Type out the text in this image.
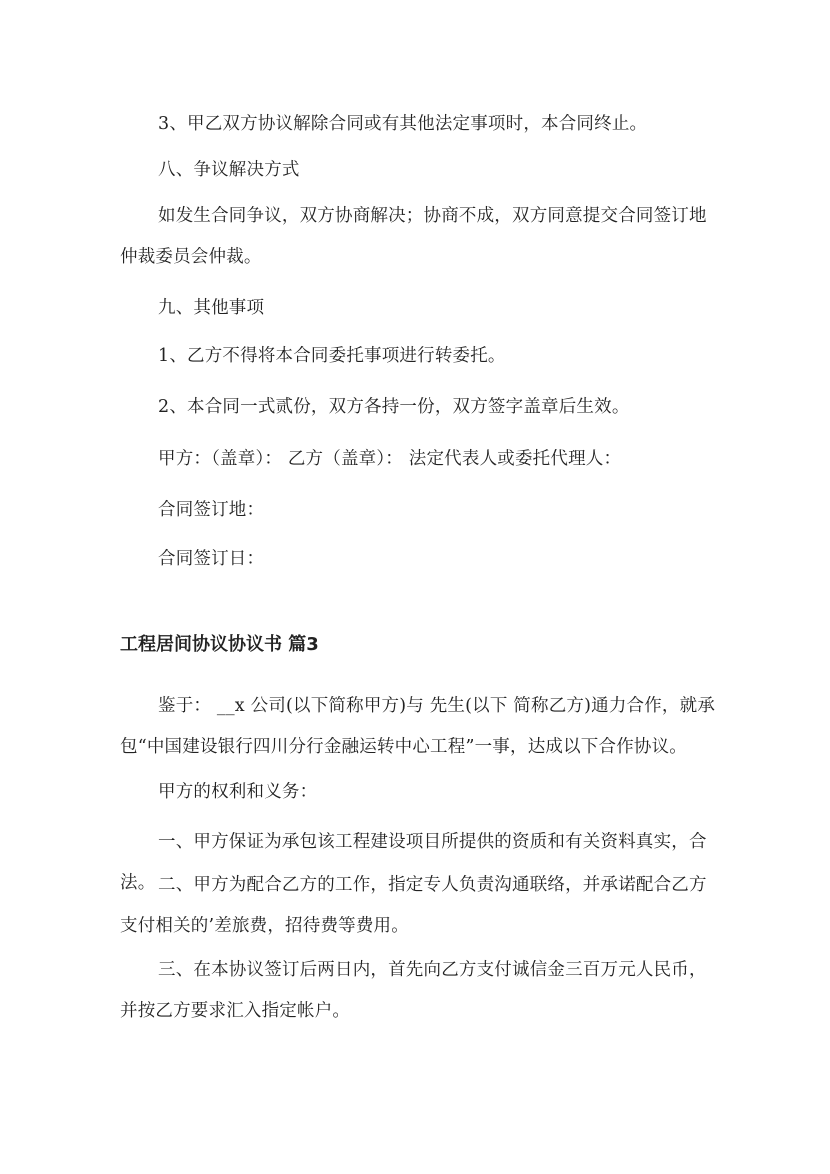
3、甲乙双方协议解除合同或有其他法定事项时，本合同终止。

八、争议解决方式

如发生合同争议，双方协商解决；协商不成，双方同意提交合同签订地仲裁委员会仲裁。

九、其他事项

1、乙方不得将本合同委托事项进行转委托。

2、本合同一式贰份，双方各持一份，双方签字盖章后生效。

甲方：（盖章）： 乙方（盖章）： 法定代表人或委托代理人：

合同签订地：

合同签订日：

工程居间协议协议书 篇3

鉴于： __x 公司(以下简称甲方)与 先生(以下 简称乙方)通力合作，就承包“中国建设银行四川分行金融运转中心工程”一事，达成以下合作协议。

甲方的权利和义务：

一、甲方保证为承包该工程建设项目所提供的资质和有关资料真实，合法。 二、甲方为配合乙方的工作，指定专人负责沟通联络，并承诺配合乙方支付相关的’差旅费，招待费等费用。

三、在本协议签订后两日内，首先向乙方支付诚信金三百万元人民币，并按乙方要求汇入指定帐户。
